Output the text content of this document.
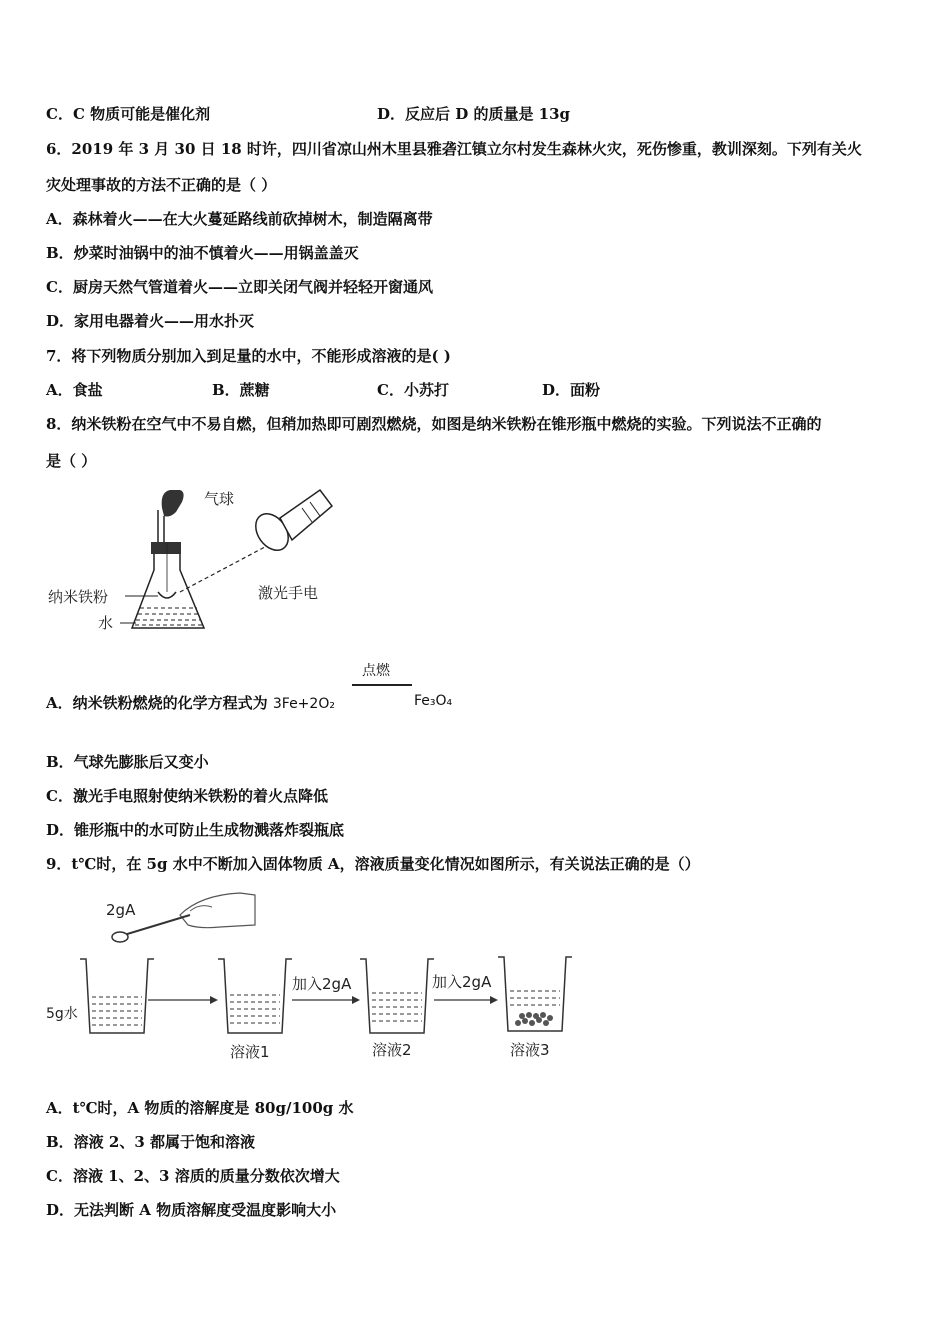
C．C 物质可能是催化剂	D．反应后 D 的质量是 13g
6．2019 年 3 月 30 日 18 时许，四川省凉山州木里县雅砻江镇立尔村发生森林火灾，死伤惨重，教训深刻。下列有关火
灾处理事故的方法不正确的是（ ）
A．森林着火——在大火蔓延路线前砍掉树木，制造隔离带
B．炒菜时油锅中的油不慎着火——用锅盖盖灭
C．厨房天然气管道着火——立即关闭气阀并轻轻开窗通风
D．家用电器着火——用水扑灭
7．将下列物质分别加入到足量的水中，不能形成溶液的是( )
A．食盐	B．蔗糖	C．小苏打	D．面粉
8．纳米铁粉在空气中不易自燃，但稍加热即可剧烈燃烧，如图是纳米铁粉在锥形瓶中燃烧的实验。下列说法不正确的
是（ ）
气球
纳米铁粉
水
激光手电
A．纳米铁粉燃烧的化学方程式为 3Fe+2O₂
点燃
Fe₃O₄
B．气球先膨胀后又变小
C．激光手电照射使纳米铁粉的着火点降低
D．锥形瓶中的水可防止生成物溅落炸裂瓶底
9．t℃时，在 5g 水中不断加入固体物质 A，溶液质量变化情况如图所示，有关说法正确的是（）
2gA
5g水
溶液1
加入2gA
溶液2
加入2gA
溶液3
A．t℃时，A 物质的溶解度是 80g/100g 水
B．溶液 2、3 都属于饱和溶液
C．溶液 1、2、3 溶质的质量分数依次增大
D．无法判断 A 物质溶解度受温度影响大小
